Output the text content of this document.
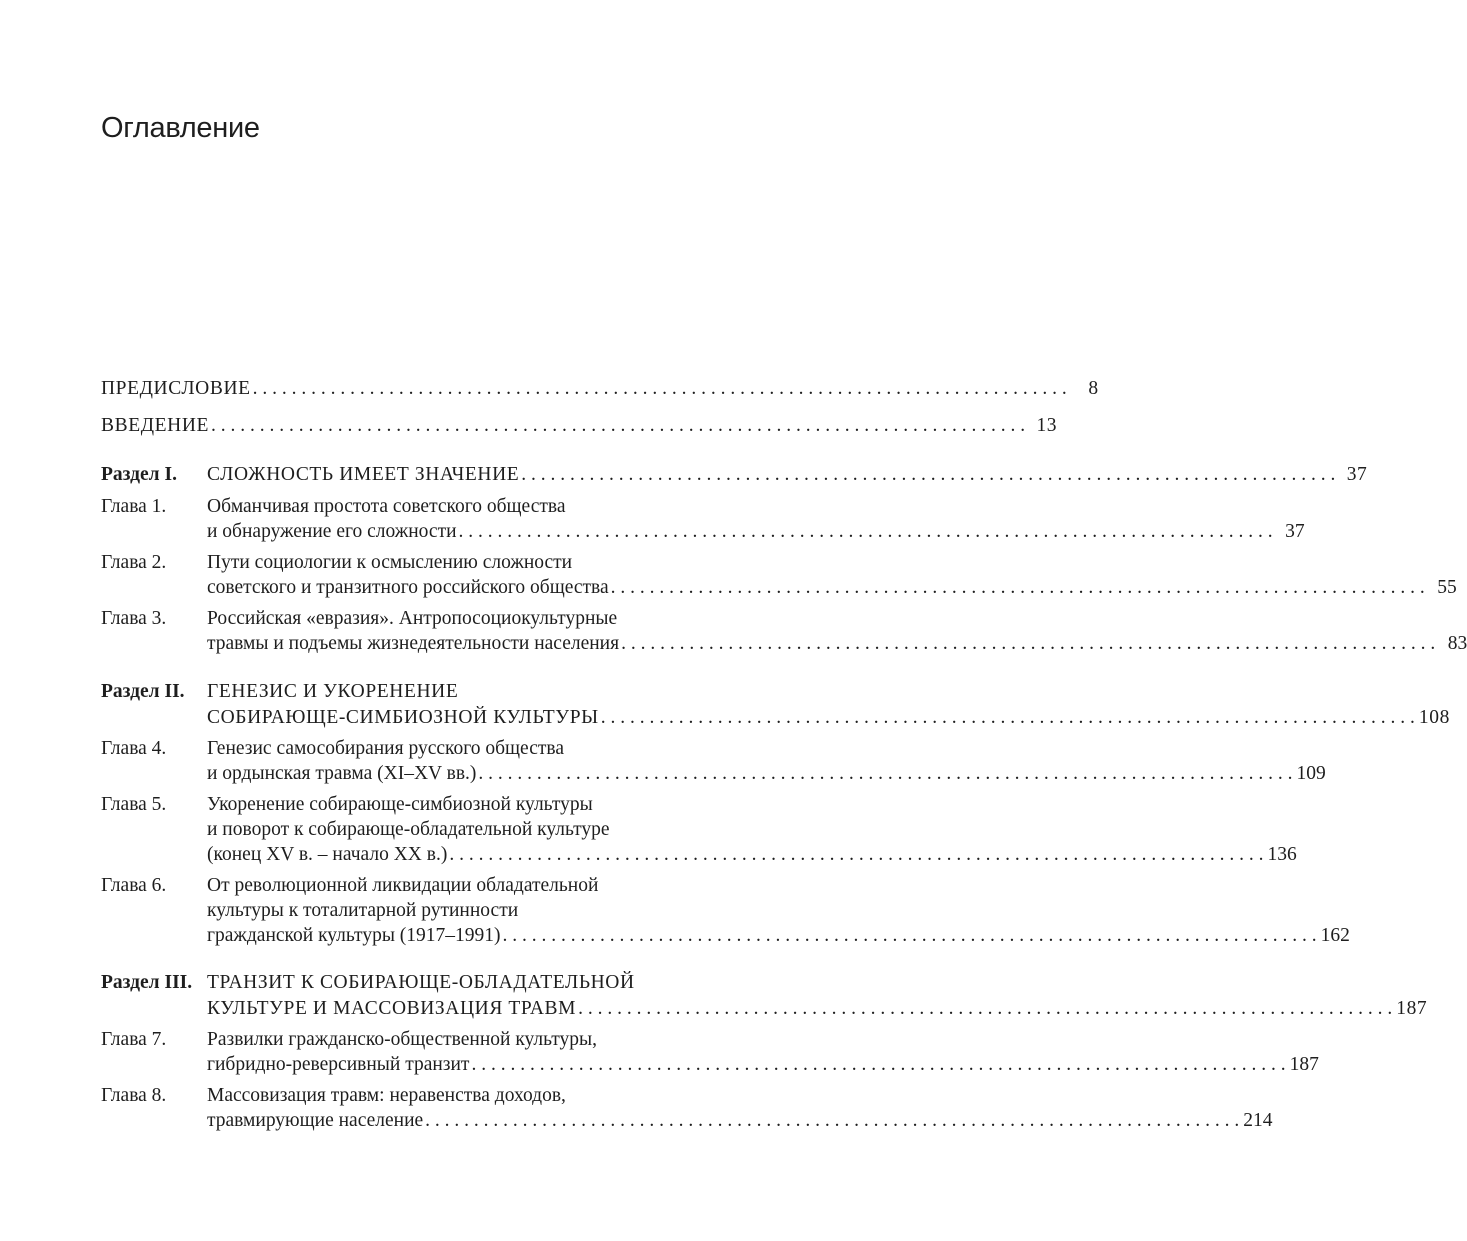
Оглавление
ПРЕДИСЛОВИЕ . . .	8
ВВЕДЕНИЕ . . .	13
Раздел I. СЛОЖНОСТЬ ИМЕЕТ ЗНАЧЕНИЕ . . .	37
Глава 1. Обманчивая простота советского общества
и обнаружение его сложности . . .	37
Глава 2. Пути социологии к осмыслению сложности
советского и транзитного российского общества . . .	55
Глава 3. Российская «евразия». Антропосоциокультурные
травмы и подъемы жизнедеятельности населения . . .	83
Раздел II. ГЕНЕЗИС И УКОРЕНЕНИЕ
СОБИРАЮЩЕ-СИМБИОЗНОЙ КУЛЬТУРЫ . . .	108
Глава 4. Генезис самособирания русского общества
и ордынская травма (XI–XV вв.) . . .	109
Глава 5. Укоренение собирающе-симбиозной культуры
и поворот к собирающе-обладательной культуре
(конец XV в. – начало XX в.) . . .	136
Глава 6. От революционной ликвидации обладательной
культуры к тоталитарной рутинности
гражданской культуры (1917–1991) . . .	162
Раздел III. ТРАНЗИТ К СОБИРАЮЩЕ-ОБЛАДАТЕЛЬНОЙ
КУЛЬТУРЕ И МАССОВИЗАЦИЯ ТРАВМ . . .	187
Глава 7. Развилки гражданско-общественной культуры,
гибридно-реверсивный транзит . . .	187
Глава 8. Массовизация травм: неравенства доходов,
травмирующие население . . .	214
